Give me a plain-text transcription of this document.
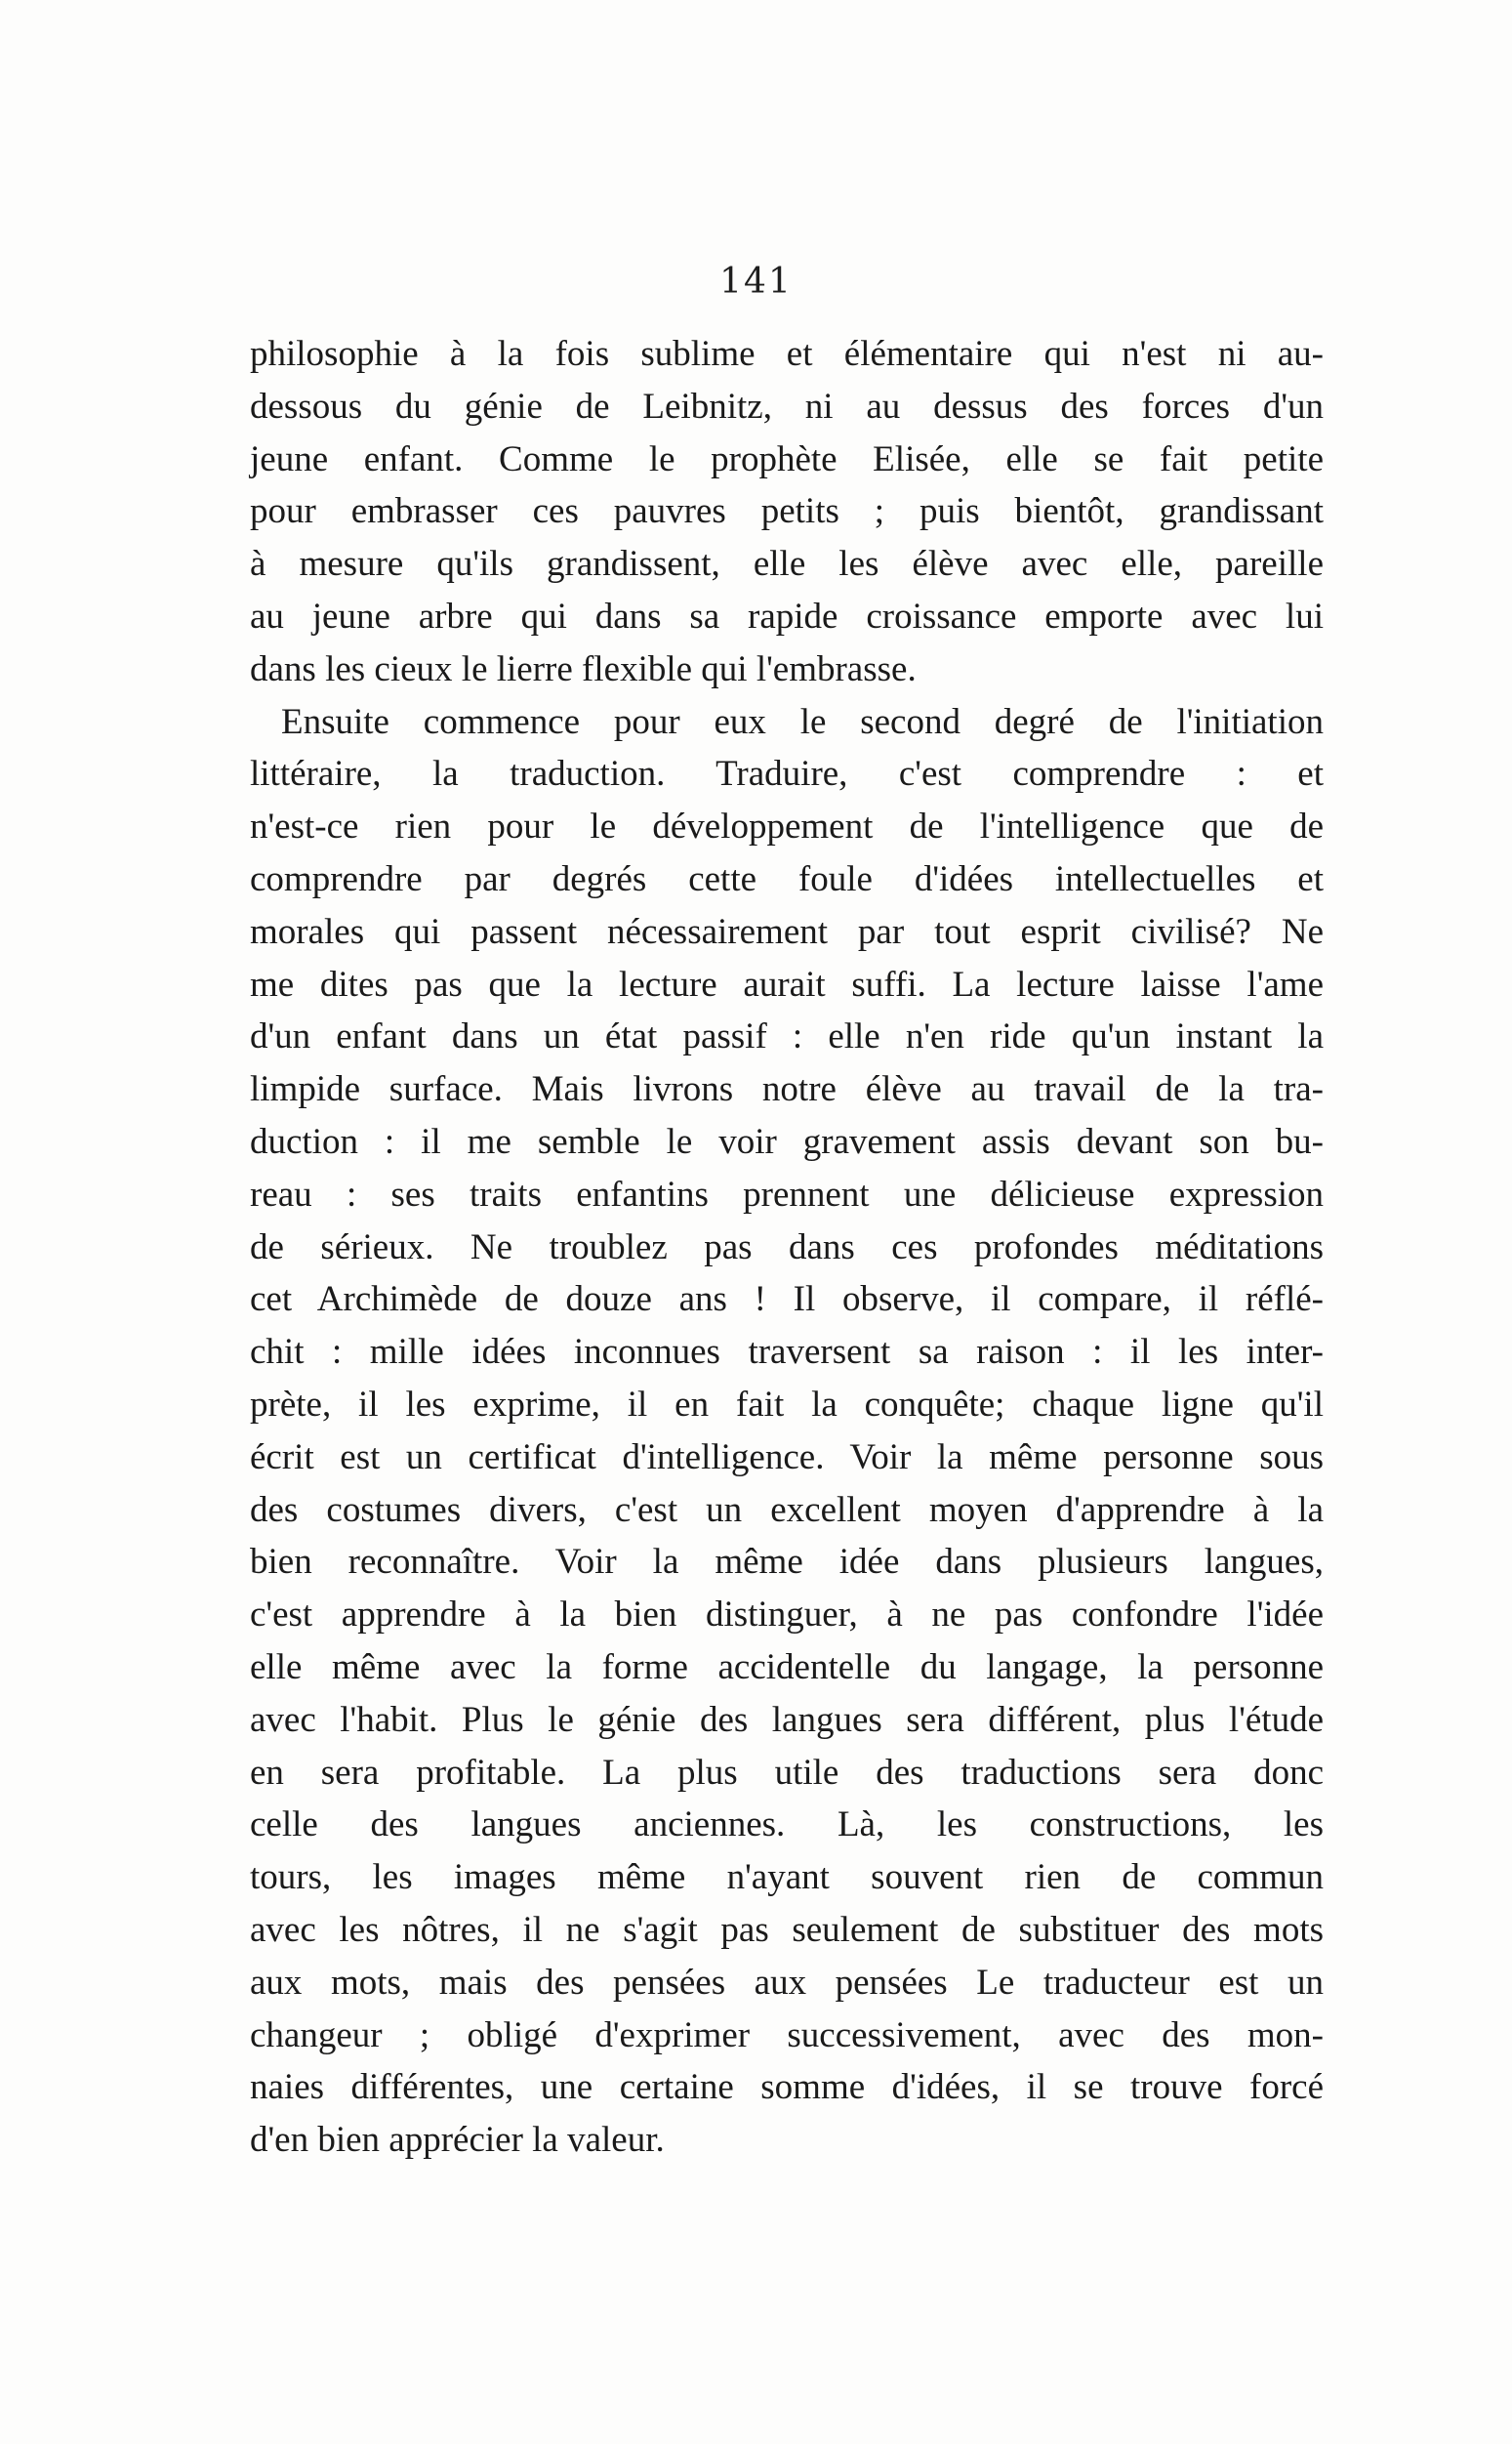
141
philosophie à la fois sublime et élémentaire qui n'est ni au-
dessous du génie de Leibnitz, ni au dessus des forces d'un
jeune enfant. Comme le prophète Elisée, elle se fait petite
pour embrasser ces pauvres petits ; puis bientôt, grandissant
à mesure qu'ils grandissent, elle les élève avec elle, pareille
au jeune arbre qui dans sa rapide croissance emporte avec lui
dans les cieux le lierre flexible qui l'embrasse.
Ensuite commence pour eux le second degré de l'initiation
littéraire, la traduction. Traduire, c'est comprendre : et
n'est-ce rien pour le développement de l'intelligence que de
comprendre par degrés cette foule d'idées intellectuelles et
morales qui passent nécessairement par tout esprit civilisé? Ne
me dites pas que la lecture aurait suffi. La lecture laisse l'ame
d'un enfant dans un état passif : elle n'en ride qu'un instant la
limpide surface. Mais livrons notre élève au travail de la tra-
duction : il me semble le voir gravement assis devant son bu-
reau : ses traits enfantins prennent une délicieuse expression
de sérieux. Ne troublez pas dans ces profondes méditations
cet Archimède de douze ans ! Il observe, il compare, il réflé-
chit : mille idées inconnues traversent sa raison : il les inter-
prète, il les exprime, il en fait la conquête; chaque ligne qu'il
écrit est un certificat d'intelligence. Voir la même personne sous
des costumes divers, c'est un excellent moyen d'apprendre à la
bien reconnaître. Voir la même idée dans plusieurs langues,
c'est apprendre à la bien distinguer, à ne pas confondre l'idée
elle même avec la forme accidentelle du langage, la personne
avec l'habit. Plus le génie des langues sera différent, plus l'étude
en sera profitable. La plus utile des traductions sera donc
celle des langues anciennes. Là, les constructions, les
tours, les images même n'ayant souvent rien de commun
avec les nôtres, il ne s'agit pas seulement de substituer des mots
aux mots, mais des pensées aux pensées Le traducteur est un
changeur ; obligé d'exprimer successivement, avec des mon-
naies différentes, une certaine somme d'idées, il se trouve forcé
d'en bien apprécier la valeur.
